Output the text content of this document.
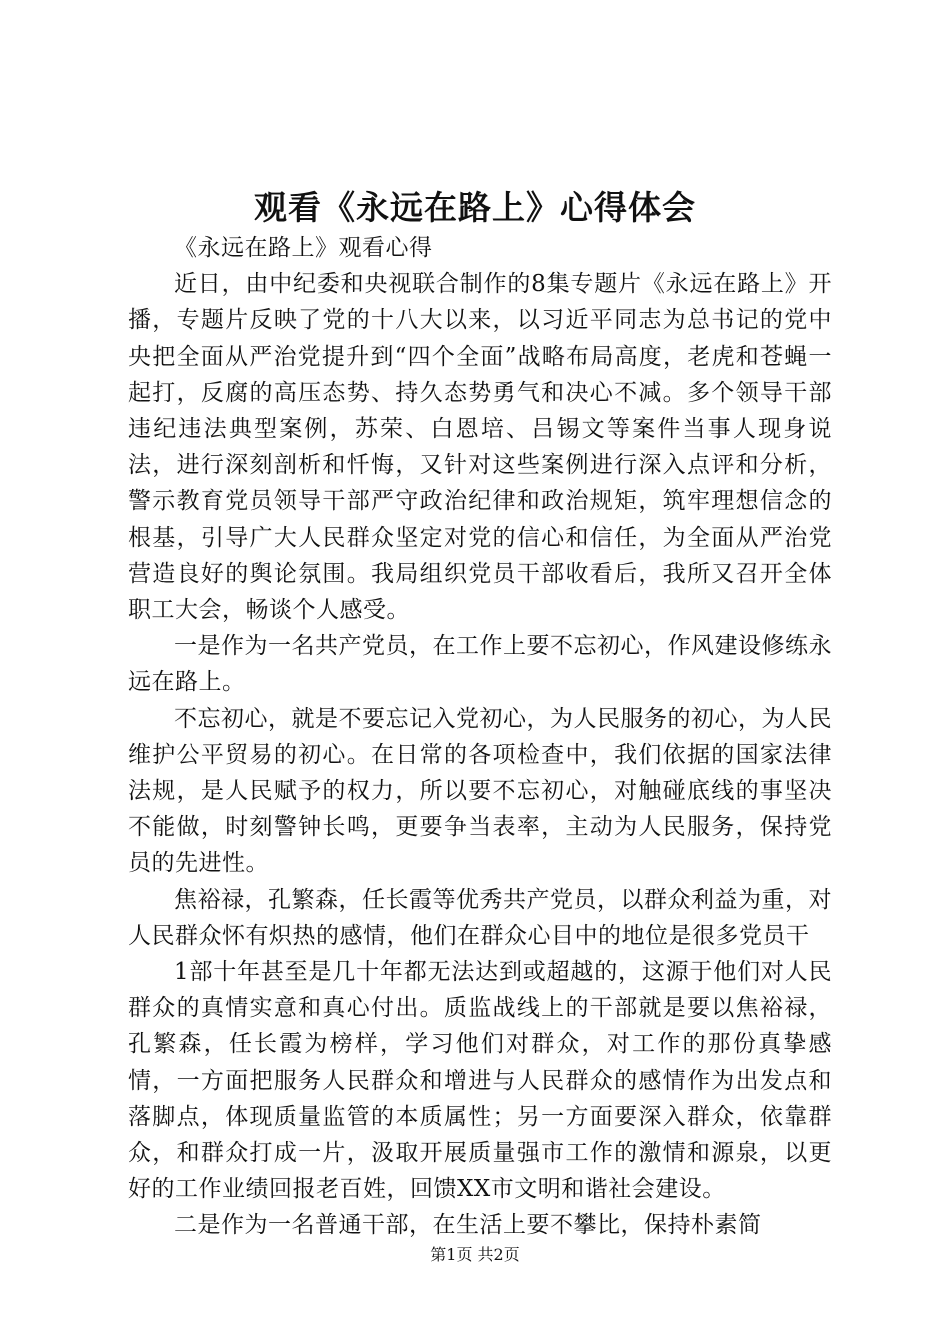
观看《永远在路上》心得体会

《永远在路上》观看心得

近日，由中纪委和央视联合制作的8集专题片《永远在路上》开播，专题片反映了党的十八大以来，以习近平同志为总书记的党中央把全面从严治党提升到“四个全面”战略布局高度，老虎和苍蝇一起打，反腐的高压态势、持久态势勇气和决心不减。多个领导干部违纪违法典型案例，苏荣、白恩培、吕锡文等案件当事人现身说法，进行深刻剖析和忏悔，又针对这些案例进行深入点评和分析，警示教育党员领导干部严守政治纪律和政治规矩，筑牢理想信念的根基，引导广大人民群众坚定对党的信心和信任，为全面从严治党营造良好的舆论氛围。我局组织党员干部收看后，我所又召开全体职工大会，畅谈个人感受。

一是作为一名共产党员，在工作上要不忘初心，作风建设修练永远在路上。

不忘初心，就是不要忘记入党初心，为人民服务的初心，为人民维护公平贸易的初心。在日常的各项检查中，我们依据的国家法律法规，是人民赋予的权力，所以要不忘初心，对触碰底线的事坚决不能做，时刻警钟长鸣，更要争当表率，主动为人民服务，保持党员的先进性。

焦裕禄，孔繁森，任长霞等优秀共产党员，以群众利益为重，对人民群众怀有炽热的感情，他们在群众心目中的地位是很多党员干

1部十年甚至是几十年都无法达到或超越的，这源于他们对人民群众的真情实意和真心付出。质监战线上的干部就是要以焦裕禄，孔繁森，任长霞为榜样，学习他们对群众，对工作的那份真挚感情，一方面把服务人民群众和增进与人民群众的感情作为出发点和落脚点，体现质量监管的本质属性；另一方面要深入群众，依靠群众，和群众打成一片，汲取开展质量强市工作的激情和源泉，以更好的工作业绩回报老百姓，回馈XX市文明和谐社会建设。

二是作为一名普通干部，在生活上要不攀比，保持朴素简

第1页 共2页
